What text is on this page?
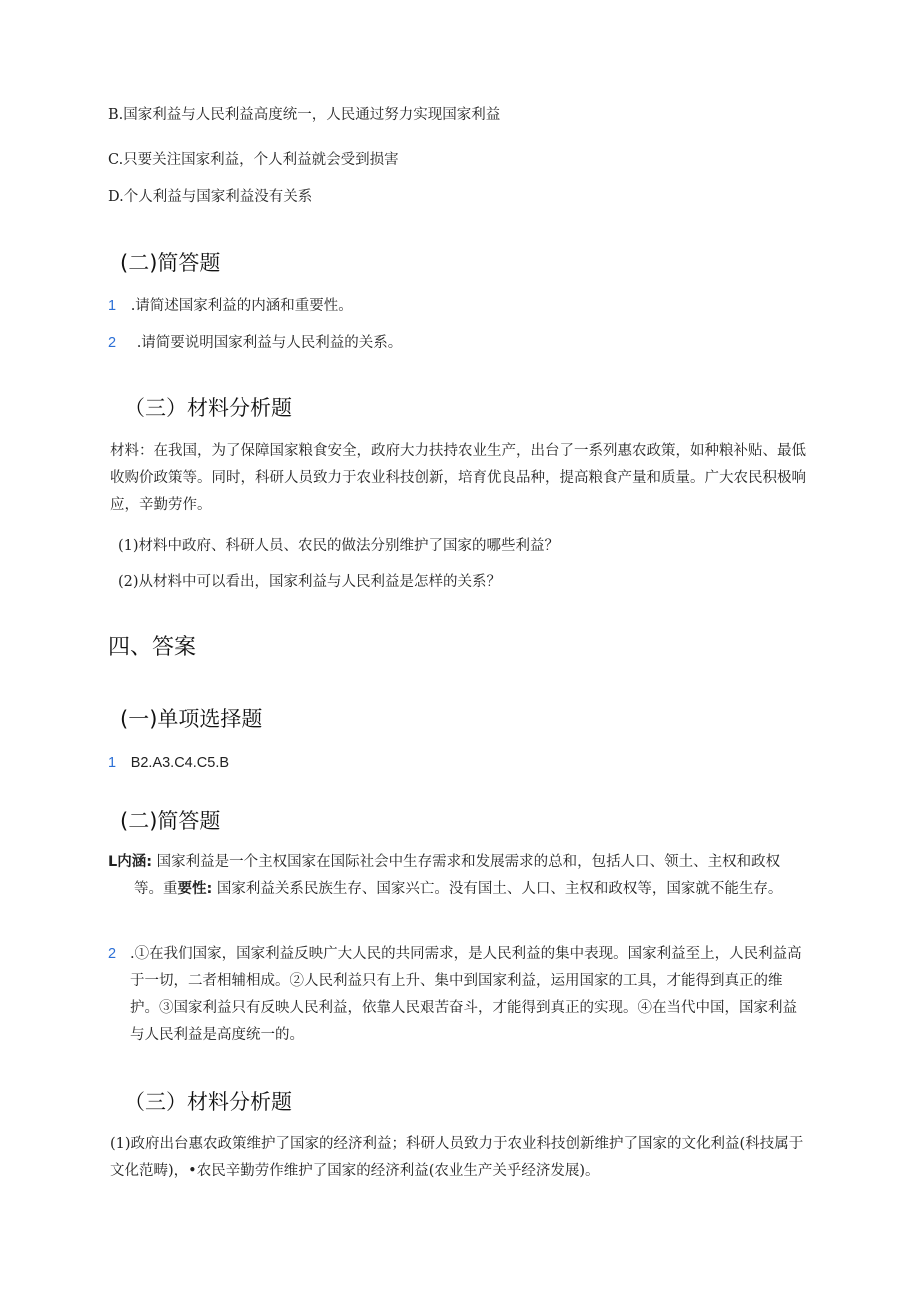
B.国家利益与人民利益高度统一，人民通过努力实现国家利益
C.只要关注国家利益，个人利益就会受到损害
D.个人利益与国家利益没有关系
(二)简答题
1 .请简述国家利益的内涵和重要性。
2 .请简要说明国家利益与人民利益的关系。
（三）材料分析题
材料：在我国，为了保障国家粮食安全，政府大力扶持农业生产，出台了一系列惠农政策，如种粮补贴、最低收购价政策等。同时，科研人员致力于农业科技创新，培育优良品种，提高粮食产量和质量。广大农民积极响应，辛勤劳作。
(1)材料中政府、科研人员、农民的做法分别维护了国家的哪些利益？
(2)从材料中可以看出，国家利益与人民利益是怎样的关系？
四、答案
(一)单项选择题
1 B2.A3.C4.C5.B
(二)简答题
L内涵: 国家利益是一个主权国家在国际社会中生存需求和发展需求的总和，包括人口、领土、主权和政权等。重要性: 国家利益关系民族生存、国家兴亡。没有国土、人口、主权和政权等，国家就不能生存。
2 .①在我们国家，国家利益反映广大人民的共同需求，是人民利益的集中表现。国家利益至上，人民利益高于一切，二者相辅相成。②人民利益只有上升、集中到国家利益，运用国家的工具，才能得到真正的维护。③国家利益只有反映人民利益，依靠人民艰苦奋斗，才能得到真正的实现。④在当代中国，国家利益与人民利益是高度统一的。
（三）材料分析题
(1)政府出台惠农政策维护了国家的经济利益；科研人员致力于农业科技创新维护了国家的文化利益(科技属于文化范畴)，•农民辛勤劳作维护了国家的经济利益(农业生产关乎经济发展)。
